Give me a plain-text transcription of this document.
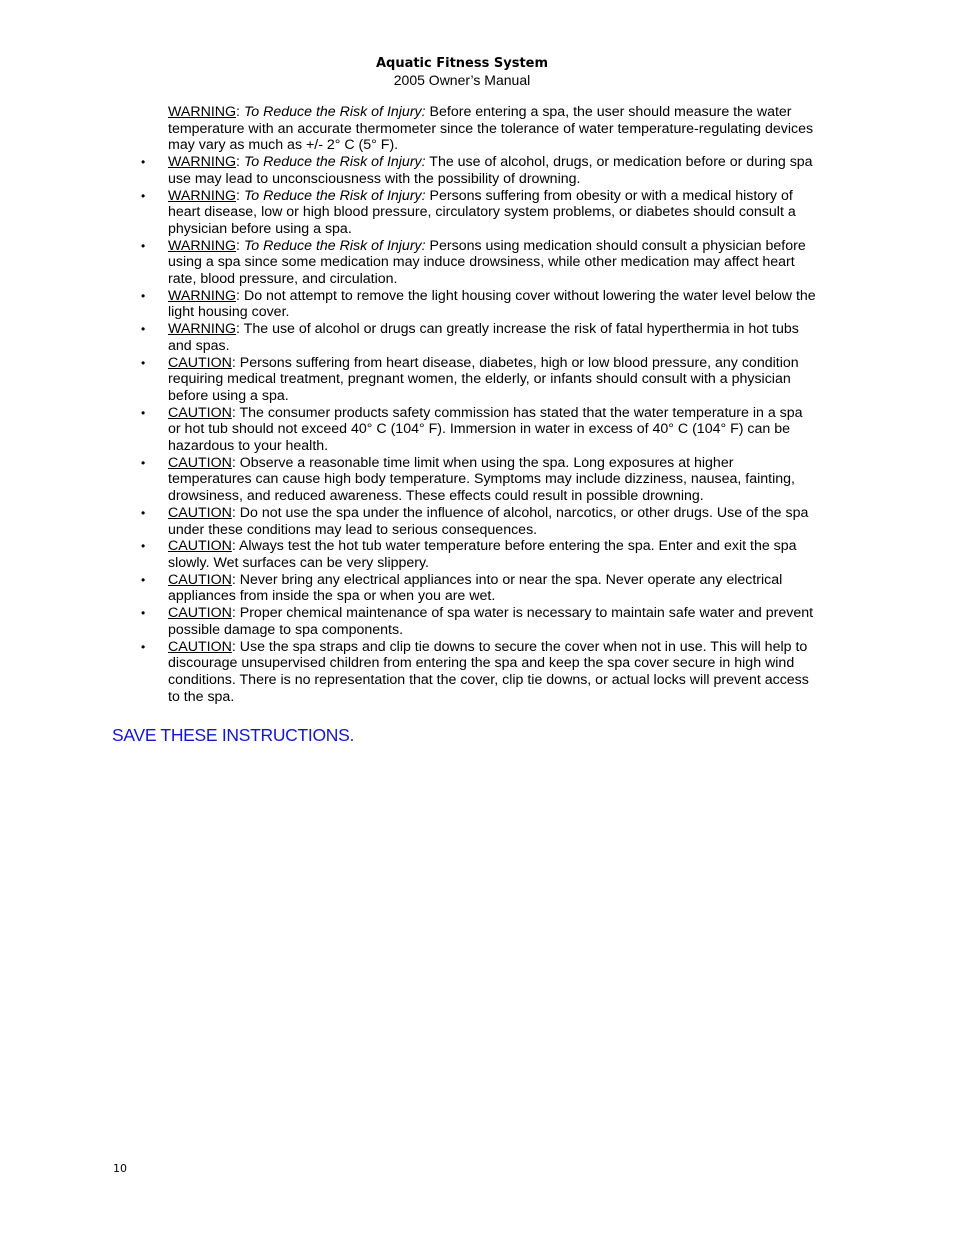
Aquatic Fitness System
2005 Owner’s Manual

WARNING: To Reduce the Risk of Injury: Before entering a spa, the user should measure the water temperature with an accurate thermometer since the tolerance of water temperature-regulating devices may vary as much as +/- 2° C (5° F).

• WARNING: To Reduce the Risk of Injury: The use of alcohol, drugs, or medication before or during spa use may lead to unconsciousness with the possibility of drowning.

• WARNING: To Reduce the Risk of Injury: Persons suffering from obesity or with a medical history of heart disease, low or high blood pressure, circulatory system problems, or diabetes should consult a physician before using a spa.

• WARNING: To Reduce the Risk of Injury: Persons using medication should consult a physician before using a spa since some medication may induce drowsiness, while other medication may affect heart rate, blood pressure, and circulation.

• WARNING: Do not attempt to remove the light housing cover without lowering the water level below the light housing cover.

• WARNING: The use of alcohol or drugs can greatly increase the risk of fatal hyperthermia in hot tubs and spas.

• CAUTION: Persons suffering from heart disease, diabetes, high or low blood pressure, any condition requiring medical treatment, pregnant women, the elderly, or infants should consult with a physician before using a spa.

• CAUTION: The consumer products safety commission has stated that the water temperature in a spa or hot tub should not exceed 40° C (104° F). Immersion in water in excess of 40° C (104° F) can be hazardous to your health.

• CAUTION: Observe a reasonable time limit when using the spa. Long exposures at higher temperatures can cause high body temperature. Symptoms may include dizziness, nausea, fainting, drowsiness, and reduced awareness. These effects could result in possible drowning.

• CAUTION: Do not use the spa under the influence of alcohol, narcotics, or other drugs. Use of the spa under these conditions may lead to serious consequences.

• CAUTION: Always test the hot tub water temperature before entering the spa. Enter and exit the spa slowly. Wet surfaces can be very slippery.

• CAUTION: Never bring any electrical appliances into or near the spa. Never operate any electrical appliances from inside the spa or when you are wet.

• CAUTION: Proper chemical maintenance of spa water is necessary to maintain safe water and prevent possible damage to spa components.

• CAUTION: Use the spa straps and clip tie downs to secure the cover when not in use. This will help to discourage unsupervised children from entering the spa and keep the spa cover secure in high wind conditions. There is no representation that the cover, clip tie downs, or actual locks will prevent access to the spa.

SAVE THESE INSTRUCTIONS.
10
